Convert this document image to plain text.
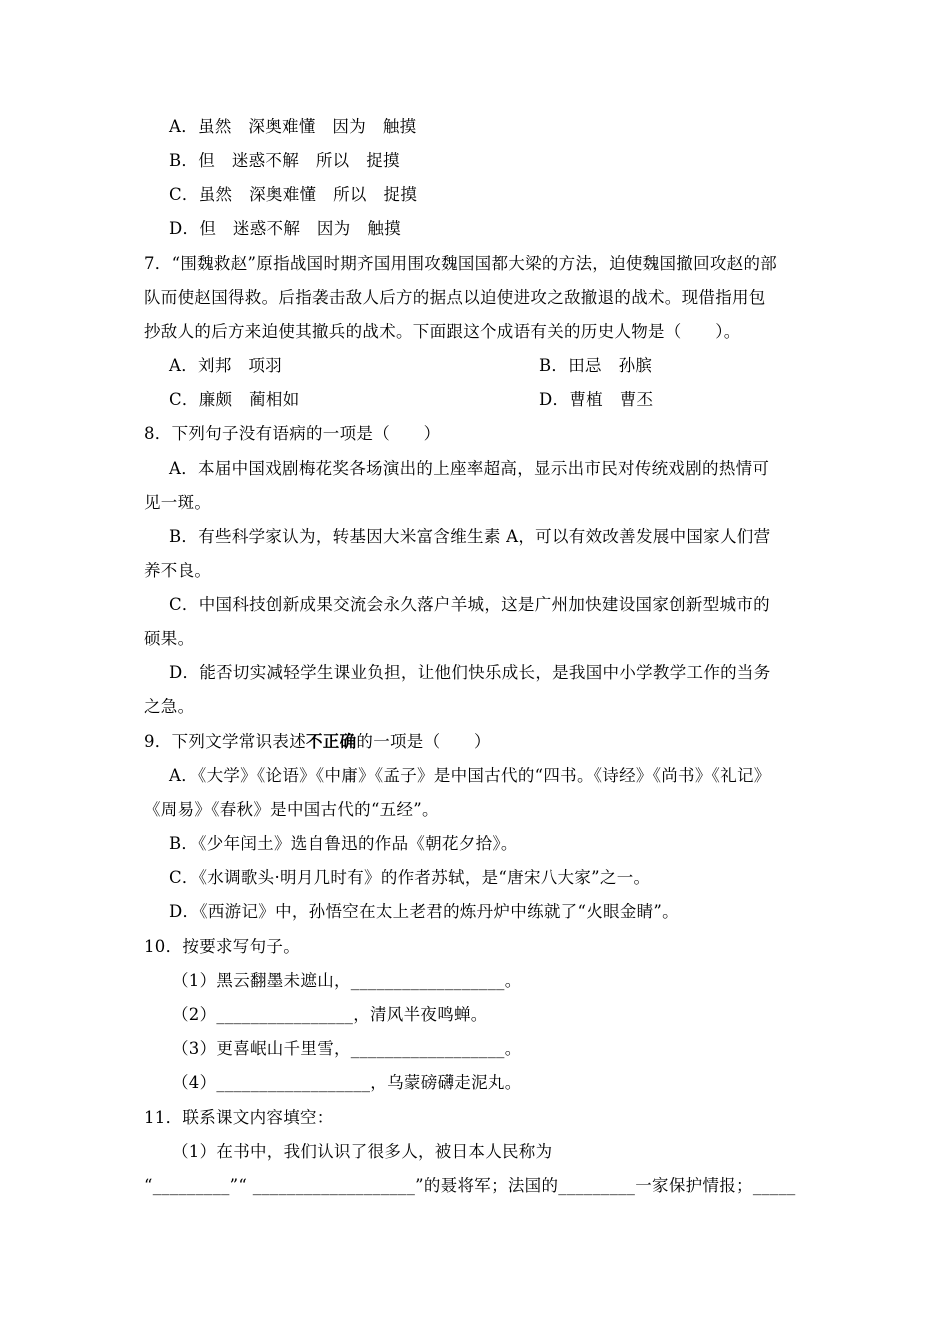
A．虽然　深奥难懂　因为　触摸
B．但　迷惑不解　所以　捉摸
C．虽然　深奥难懂　所以　捉摸
D．但　迷惑不解　因为　触摸
7．“围魏救赵”原指战国时期齐国用围攻魏国国都大梁的方法，迫使魏国撤回攻赵的部
队而使赵国得救。后指袭击敌人后方的据点以迫使进攻之敌撤退的战术。现借指用包
抄敌人的后方来迫使其撤兵的战术。下面跟这个成语有关的历史人物是（　　）。
A．刘邦　项羽	B．田忌　孙膑
C．廉颇　蔺相如	D．曹植　曹丕
8．下列句子没有语病的一项是（　　）
A．本届中国戏剧梅花奖各场演出的上座率超高，显示出市民对传统戏剧的热情可
见一斑。
B．有些科学家认为，转基因大米富含维生素 A，可以有效改善发展中国家人们营
养不良。
C．中国科技创新成果交流会永久落户羊城，这是广州加快建设国家创新型城市的
硕果。
D．能否切实减轻学生课业负担，让他们快乐成长，是我国中小学教学工作的当务
之急。
9．下列文学常识表述不正确的一项是（　　）
A．《大学》《论语》《中庸》《孟子》是中国古代的“四书。《诗经》《尚书》《礼记》
《周易》《春秋》是中国古代的“五经”。
B．《少年闰土》选自鲁迅的作品《朝花夕拾》。
C．《水调歌头·明月几时有》的作者苏轼，是“唐宋八大家”之一。
D．《西游记》中，孙悟空在太上老君的炼丹炉中练就了“火眼金睛”。
10．按要求写句子。
（1）黑云翻墨未遮山，__________________。
（2）________________，清风半夜鸣蝉。
（3）更喜岷山千里雪，__________________。
（4）__________________，乌蒙磅礴走泥丸。
11．联系课文内容填空：
（1）在书中，我们认识了很多人，被日本人民称为
“_________”“ ___________________”的聂将军；法国的_________一家保护情报；_____
